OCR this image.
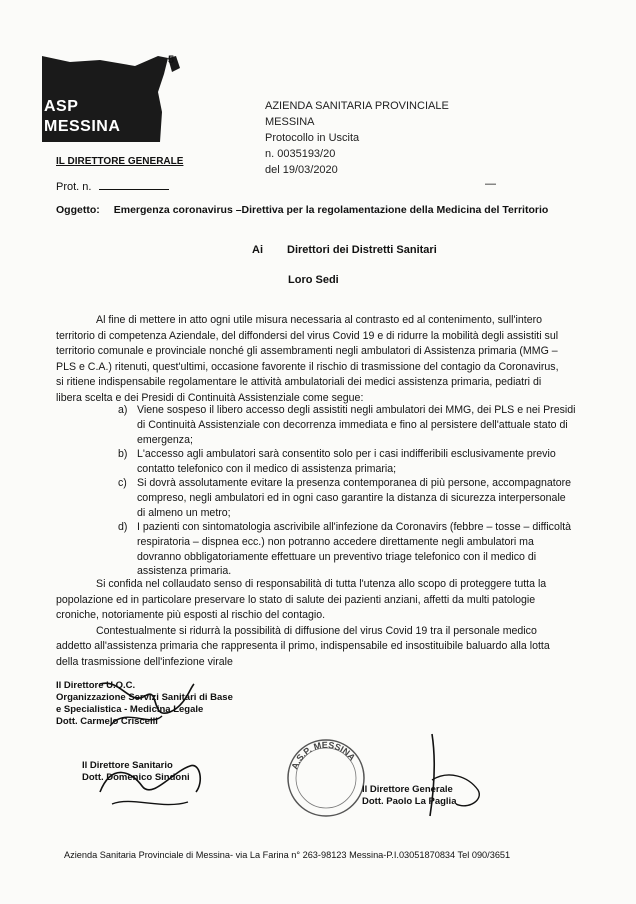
5
ASP
MESSINA
IL DIRETTORE GENERALE
Prot. n.
AZIENDA SANITARIA PROVINCIALE
MESSINA
Protocollo in Uscita
n. 0035193/20
del 19/03/2020
—
Oggetto: Emergenza coronavirus –Direttiva per la regolamentazione della Medicina del Territorio
Ai Direttori dei Distretti Sanitari
Loro Sedi
Al fine di mettere in atto ogni utile misura necessaria al contrasto ed al contenimento, sull'intero
territorio di competenza Aziendale, del diffondersi del virus Covid 19 e di ridurre la mobilità degli assistiti sul
territorio comunale e provinciale nonché gli assembramenti negli ambulatori di Assistenza primaria (MMG –
PLS e C.A.) ritenuti, quest'ultimi, occasione favorente il rischio di trasmissione del contagio da Coronavirus,
si ritiene indispensabile regolamentare le attività ambulatoriali dei medici assistenza primaria, pediatri di
libera scelta e dei Presidi di Continuità Assistenziale come segue:
a) Viene sospeso il libero accesso degli assistiti negli ambulatori dei MMG, dei PLS e nei Presidi
di Continuità Assistenziale con decorrenza immediata e fino al persistere dell'attuale stato di
emergenza;
b) L'accesso agli ambulatori sarà consentito solo per i casi indifferibili esclusivamente previo
contatto telefonico con il medico di assistenza primaria;
c) Si dovrà assolutamente evitare la presenza contemporanea di più persone, accompagnatore
compreso, negli ambulatori ed in ogni caso garantire la distanza di sicurezza interpersonale
di almeno un metro;
d) I pazienti con sintomatologia ascrivibile all'infezione da Coronavirs (febbre – tosse – difficoltà
respiratoria – dispnea ecc.) non potranno accedere direttamente negli ambulatori ma
dovranno obbligatoriamente effettuare un preventivo triage telefonico con il medico di
assistenza primaria.
Si confida nel collaudato senso di responsabilità di tutta l'utenza allo scopo di proteggere tutta la
popolazione ed in particolare preservare lo stato di salute dei pazienti anziani, affetti da multi patologie
croniche, notoriamente più esposti al rischio del contagio.
Contestualmente si ridurrà la possibilità di diffusione del virus Covid 19 tra il personale medico
addetto all'assistenza primaria che rappresenta il primo, indispensabile ed insostituibile baluardo alla lotta
della trasmissione dell'infezione virale
Il Direttore U.O.C.
Organizzazione Servizi Sanitari di Base
e Specialistica - Medicina Legale
Dott. Carmelo Criscelli
Il Direttore Sanitario
Dott. Domenico Sindoni
A.S.P. MESSINA
Il Direttore Generale
Dott. Paolo La Paglia
Azienda Sanitaria Provinciale di Messina- via La Farina n° 263-98123 Messina-P.I.03051870834 Tel 090/3651
